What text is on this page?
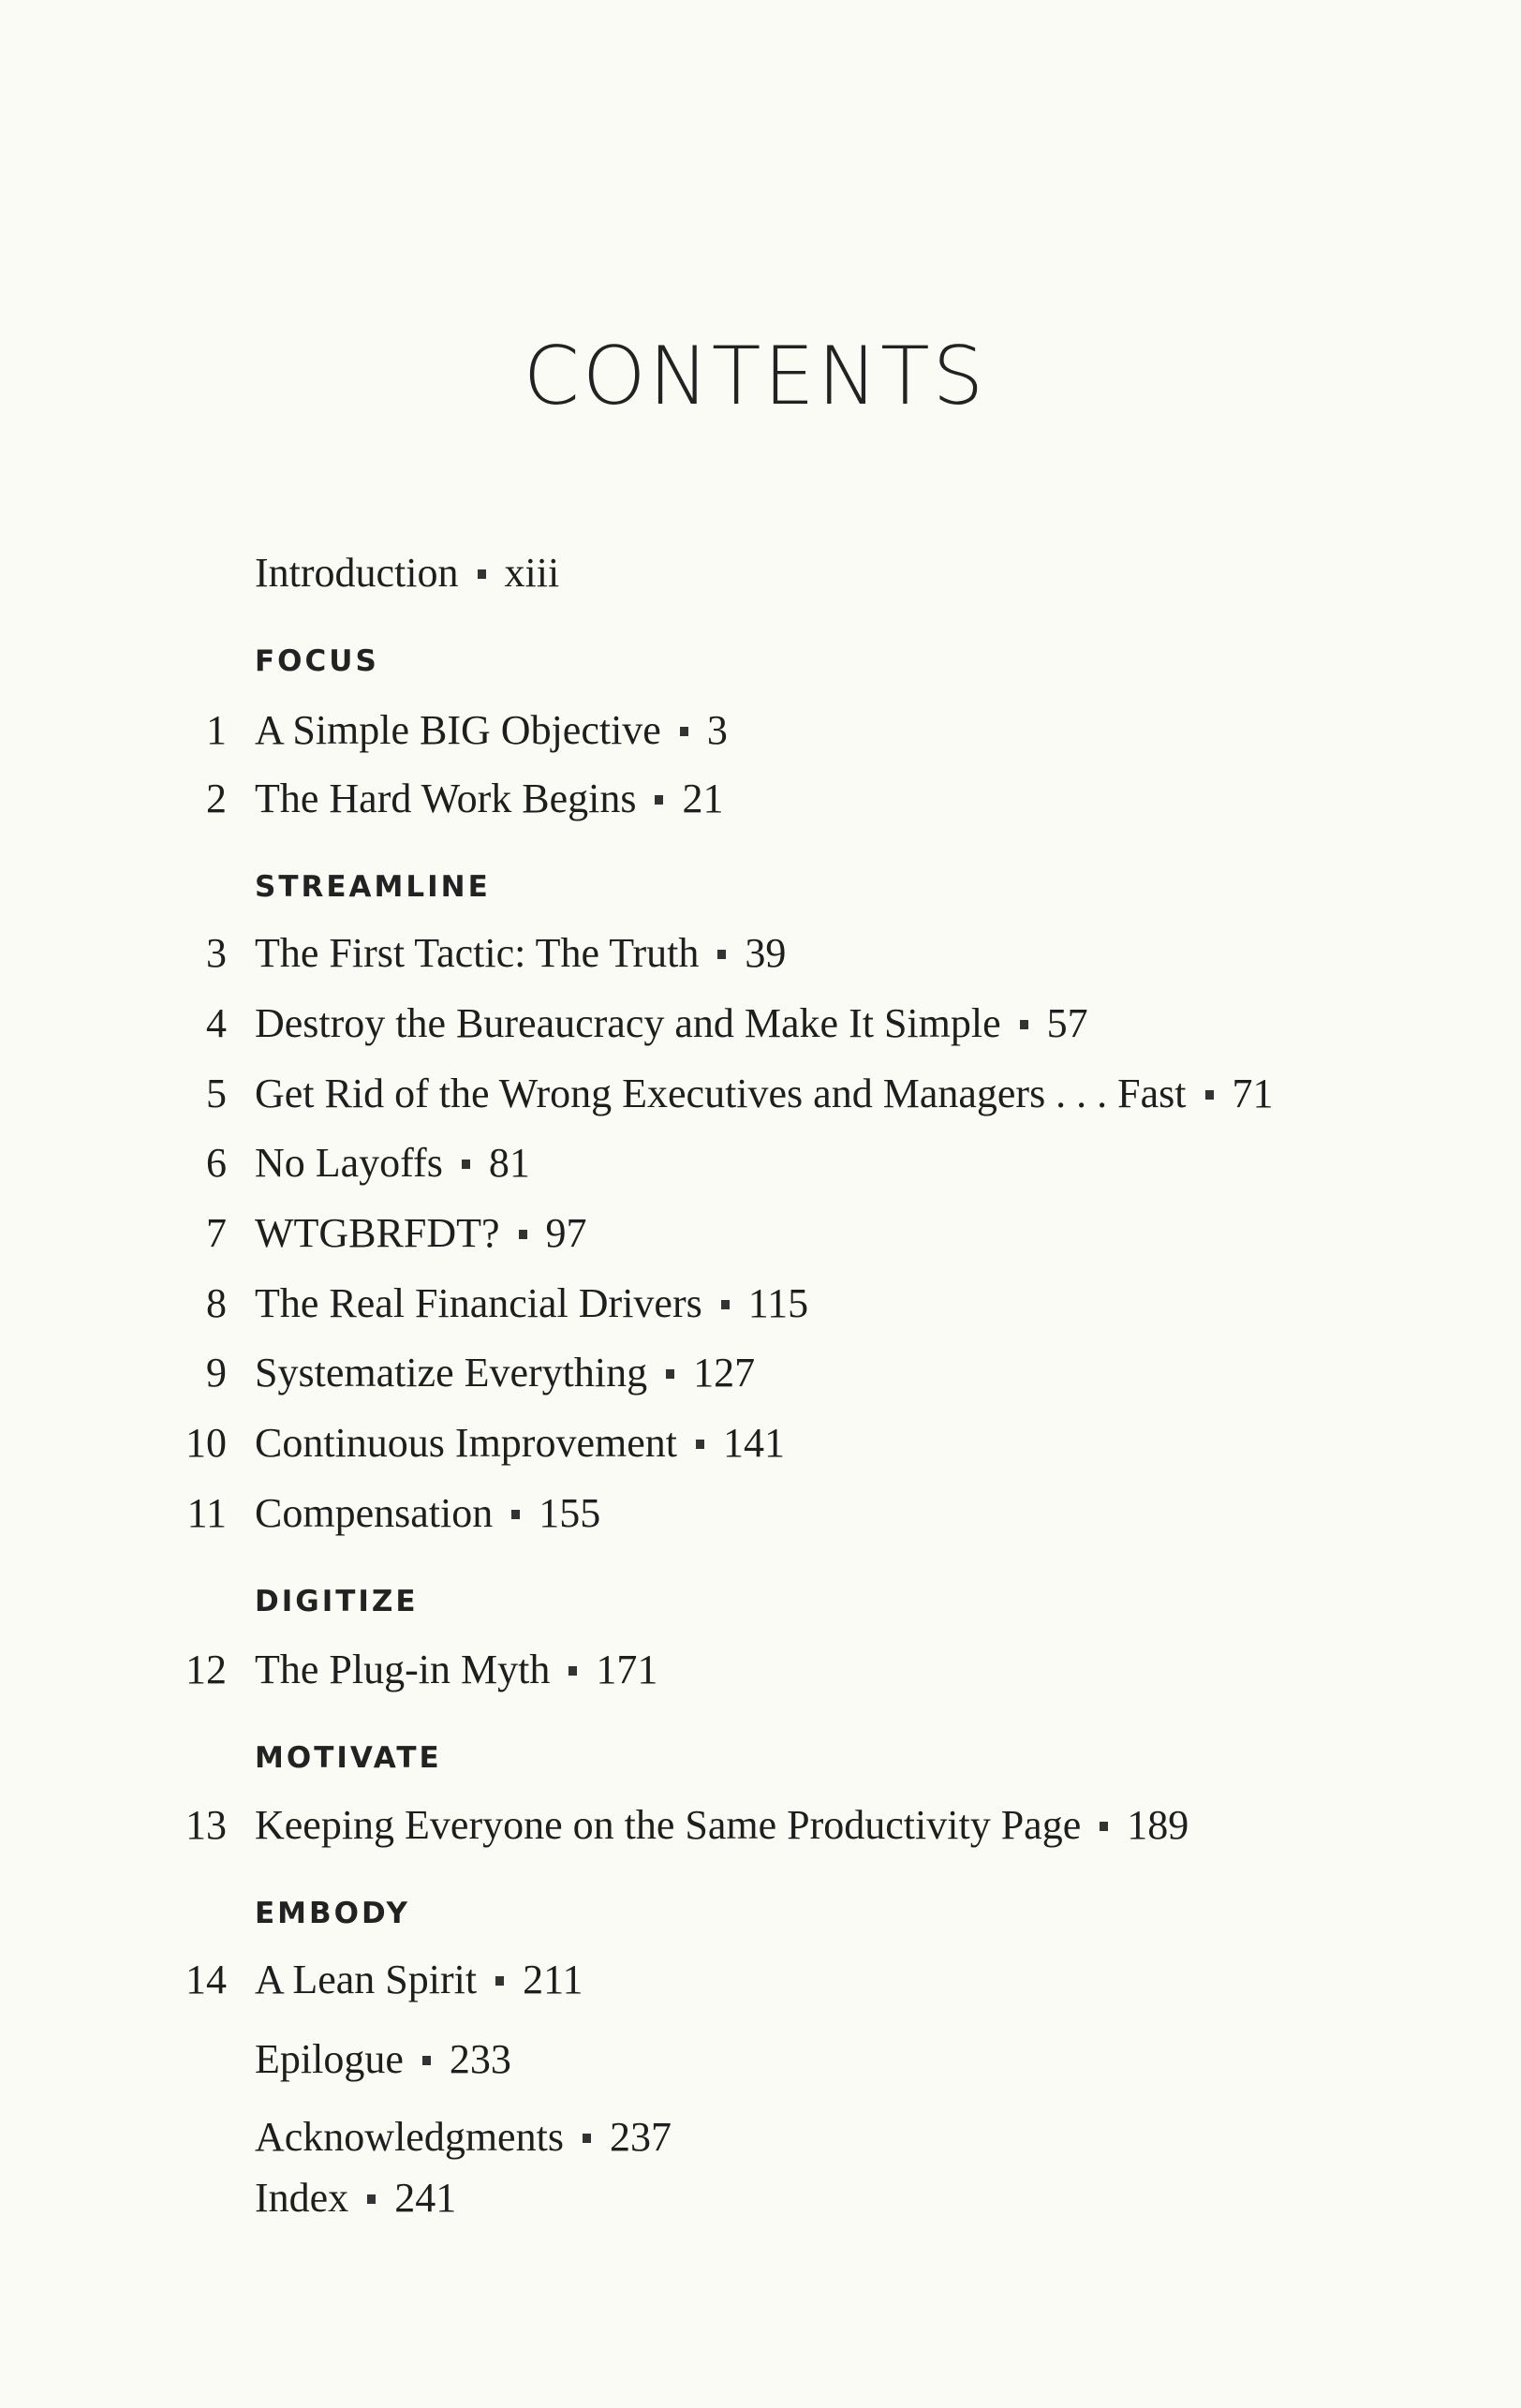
CONTENTS
Introduction xiii
FOCUS
1 A Simple BIG Objective 3
2 The Hard Work Begins 21
STREAMLINE
3 The First Tactic: The Truth 39
4 Destroy the Bureaucracy and Make It Simple 57
5 Get Rid of the Wrong Executives and Managers . . . Fast 71
6 No Layoffs 81
7 WTGBRFDT? 97
8 The Real Financial Drivers 115
9 Systematize Everything 127
10 Continuous Improvement 141
11 Compensation 155
DIGITIZE
12 The Plug-in Myth 171
MOTIVATE
13 Keeping Everyone on the Same Productivity Page 189
EMBODY
14 A Lean Spirit 211
Epilogue 233
Acknowledgments 237
Index 241
